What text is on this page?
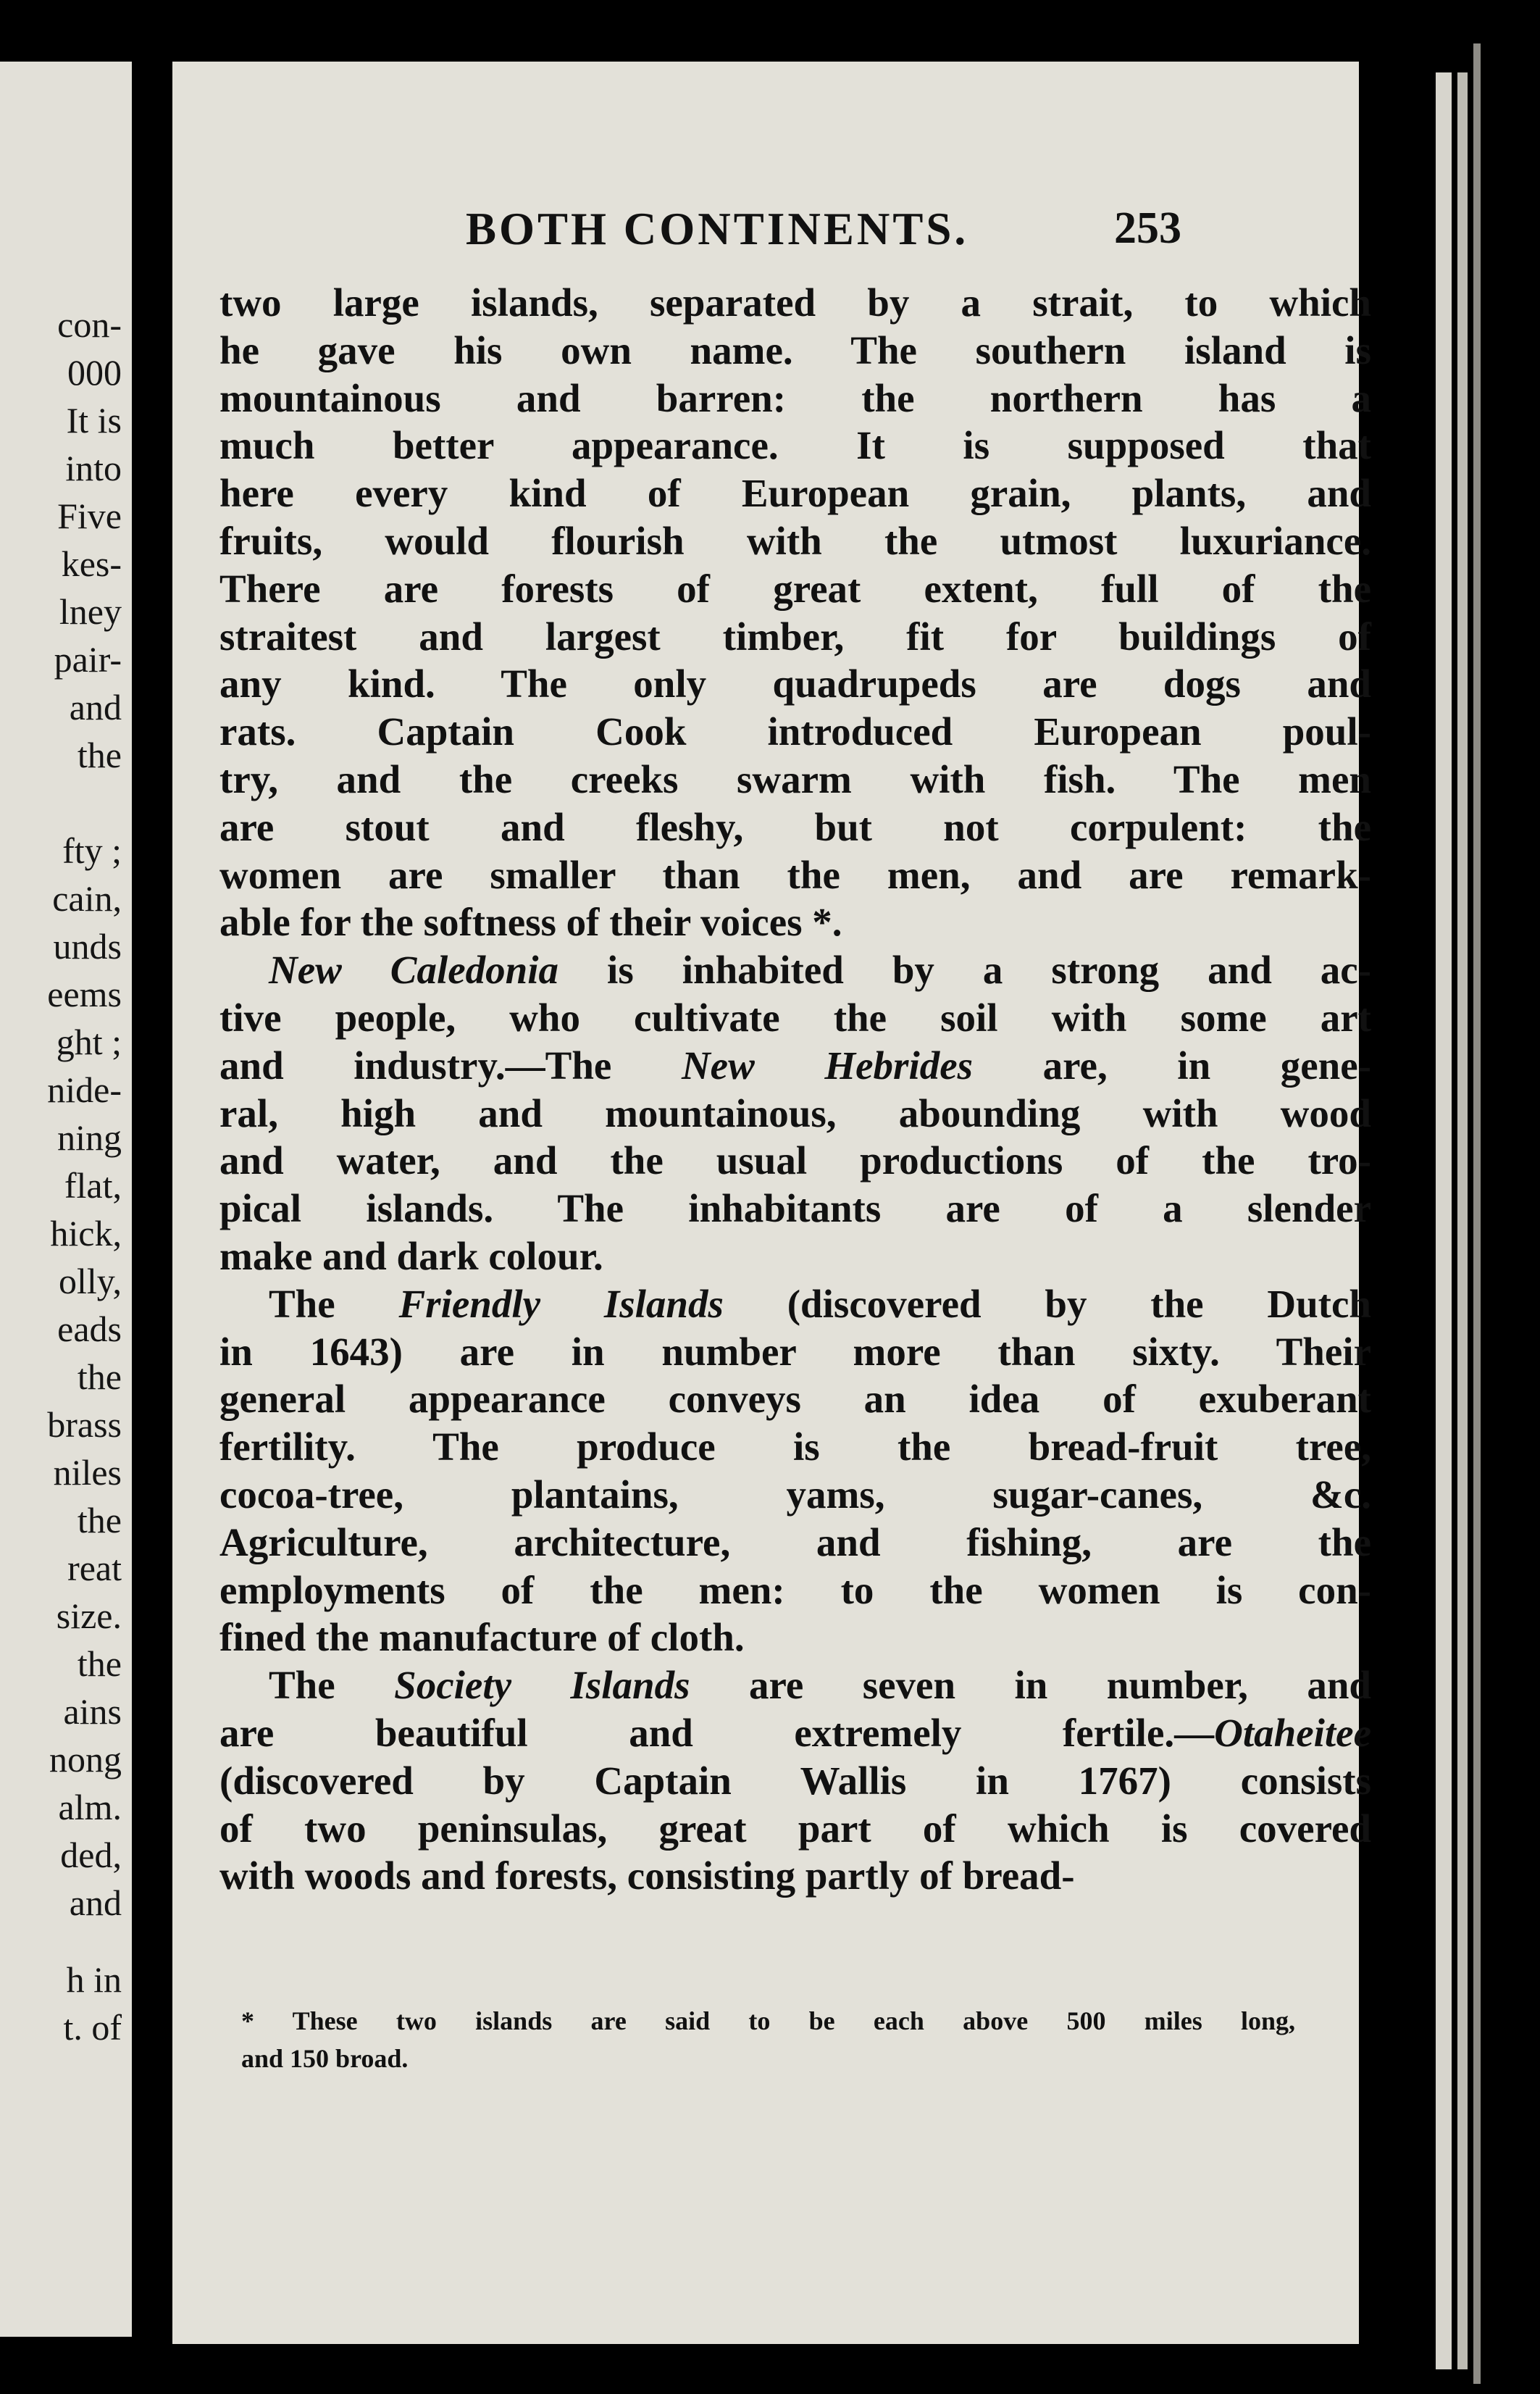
con-
000
It is
into
Five
kes-
lney
pair-
and
the
fty ;
cain,
unds
eems
ght ;
nide-
ning
flat,
hick,
olly,
eads
the
brass
niles
the
reat
size.
the
ains
nong
alm.
ded,
and
h in
t. of
BOTH CONTINENTS.	253
two large islands, separated by a strait, to which
he gave his own name. The southern island is
mountainous and barren: the northern has a
much better appearance. It is supposed that
here every kind of European grain, plants, and
fruits, would flourish with the utmost luxuriance.
There are forests of great extent, full of the
straitest and largest timber, fit for buildings of
any kind. The only quadrupeds are dogs and
rats. Captain Cook introduced European poul-
try, and the creeks swarm with fish. The men
are stout and fleshy, but not corpulent: the
women are smaller than the men, and are remark-
able for the softness of their voices *.
New Caledonia is inhabited by a strong and ac-
tive people, who cultivate the soil with some art
and industry.—The New Hebrides are, in gene-
ral, high and mountainous, abounding with wood
and water, and the usual productions of the tro-
pical islands. The inhabitants are of a slender
make and dark colour.
The Friendly Islands (discovered by the Dutch
in 1643) are in number more than sixty. Their
general appearance conveys an idea of exuberant
fertility. The produce is the bread-fruit tree,
cocoa-tree, plantains, yams, sugar-canes, &c.
Agriculture, architecture, and fishing, are the
employments of the men: to the women is con-
fined the manufacture of cloth.
The Society Islands are seven in number, and
are beautiful and extremely fertile.—Otaheitee
(discovered by Captain Wallis in 1767) consists
of two peninsulas, great part of which is covered
with woods and forests, consisting partly of bread-
* These two islands are said to be each above 500 miles long,
and 150 broad.
